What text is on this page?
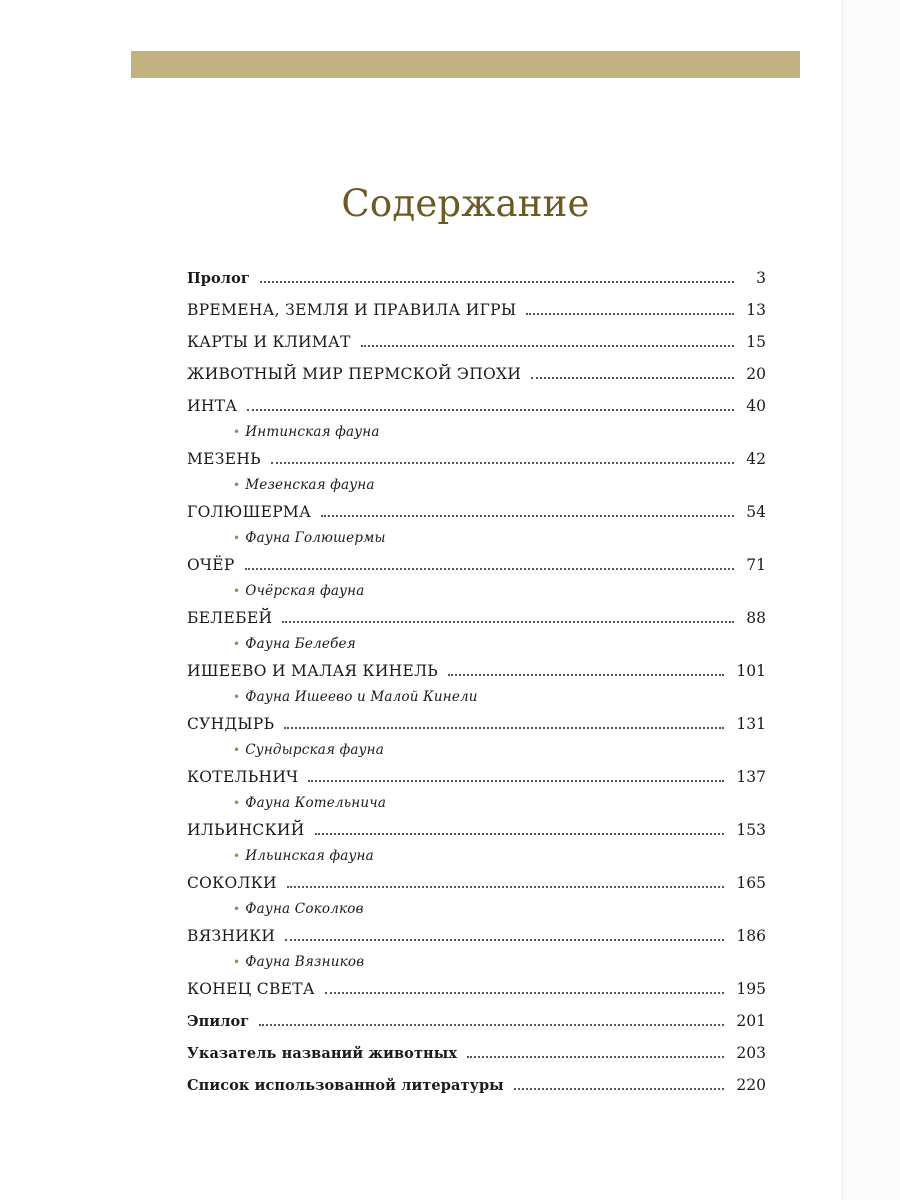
Содержание
Пролог	3
ВРЕМЕНА, ЗЕМЛЯ И ПРАВИЛА ИГРЫ	13
КАРТЫ И КЛИМАТ	15
ЖИВОТНЫЙ МИР ПЕРМСКОЙ ЭПОХИ	20
ИНТА	40
• Интинская фауна
МЕЗЕНЬ	42
• Мезенская фауна
ГОЛЮШЕРМА	54
• Фауна Голюшермы
ОЧЁР	71
• Очёрская фауна
БЕЛЕБЕЙ	88
• Фауна Белебея
ИШЕЕВО И МАЛАЯ КИНЕЛЬ	101
• Фауна Ишеево и Малой Кинели
СУНДЫРЬ	131
• Сундырская фауна
КОТЕЛЬНИЧ	137
• Фауна Котельнича
ИЛЬИНСКИЙ	153
• Ильинская фауна
СОКОЛКИ	165
• Фауна Соколков
ВЯЗНИКИ	186
• Фауна Вязников
КОНЕЦ СВЕТА	195
Эпилог	201
Указатель названий животных	203
Список использованной литературы	220
